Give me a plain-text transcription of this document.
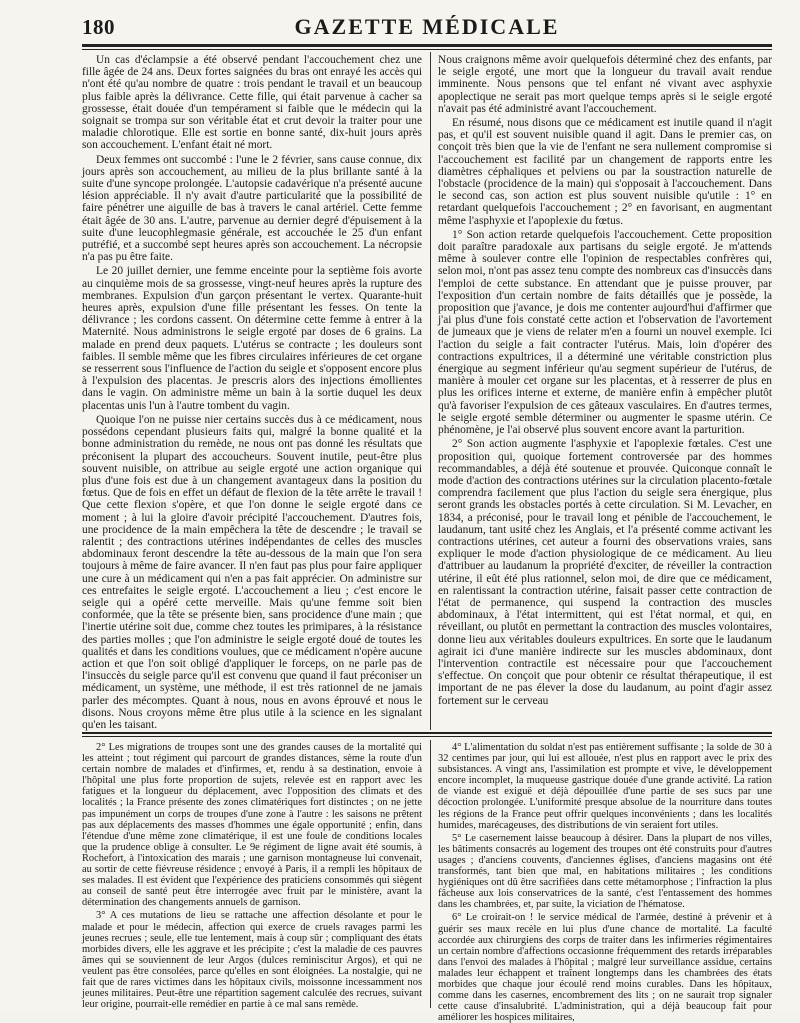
180	GAZETTE MÉDICALE

Un cas d'éclampsie a été observé pendant l'accouchement chez une fille âgée de 24 ans. Deux fortes saignées du bras ont enrayé les accès qui n'ont été qu'au nombre de quatre : trois pendant le travail et un beaucoup plus faible après la délivrance. Cette fille, qui était parvenue à cacher sa grossesse, était douée d'un tempérament si faible que le médecin qui la soignait se trompa sur son véritable état et crut devoir la traiter pour une maladie chlorotique. Elle est sortie en bonne santé, dix-huit jours après son accouchement. L'enfant était né mort.

Deux femmes ont succombé : l'une le 2 février, sans cause connue, dix jours après son accouchement, au milieu de la plus brillante santé à la suite d'une syncope prolongée. L'autopsie cadavérique n'a présenté aucune lésion appréciable. Il n'y avait d'autre particularité que la possibilité de faire pénétrer une aiguille de bas à travers le canal artériel. Cette femme était âgée de 30 ans. L'autre, parvenue au dernier degré d'épuisement à la suite d'une leucophlegmasie générale, est accouchée le 25 d'un enfant putréfié, et a succombé sept heures après son accouchement. La nécropsie n'a pas pu être faite.

Le 20 juillet dernier, une femme enceinte pour la septième fois avorte au cinquième mois de sa grossesse, vingt-neuf heures après la rupture des membranes. Expulsion d'un garçon présentant le vertex. Quarante-huit heures après, expulsion d'une fille présentant les fesses. On tente la délivrance ; les cordons cassent. On détermine cette femme à entrer à la Maternité. Nous administrons le seigle ergoté par doses de 6 grains. La malade en prend deux paquets. L'utérus se contracte ; les douleurs sont faibles. Il semble même que les fibres circulaires inférieures de cet organe se resserrent sous l'influence de l'action du seigle et s'opposent encore plus à l'expulsion des placentas. Je prescris alors des injections émollientes dans le vagin. On administre même un bain à la sortie duquel les deux placentas unis l'un à l'autre tombent du vagin.

Quoique l'on ne puisse nier certains succès dus à ce médicament, nous possédons cependant plusieurs faits qui, malgré la bonne qualité et la bonne administration du remède, ne nous ont pas donné les résultats que préconisent la plupart des accoucheurs. Souvent inutile, peut-être plus souvent nuisible, on attribue au seigle ergoté une action organique qui plus d'une fois est due à un changement avantageux dans la position du fœtus. Que de fois en effet un défaut de flexion de la tête arrête le travail ! Que cette flexion s'opère, et que l'on donne le seigle ergoté dans ce moment ; à lui la gloire d'avoir précipité l'accouchement. D'autres fois, une procidence de la main empêchera la tête de descendre ; le travail se ralentit ; des contractions utérines indépendantes de celles des muscles abdominaux feront descendre la tête au-dessous de la main que l'on sera toujours à même de faire avancer. Il n'en faut pas plus pour faire appliquer une cure à un médicament qui n'en a pas fait apprécier. On administre sur ces entrefaites le seigle ergoté. L'accouchement a lieu ; c'est encore le seigle qui a opéré cette merveille. Mais qu'une femme soit bien conformée, que la tête se présente bien, sans procidence d'une main ; que l'inertie utérine soit due, comme chez toutes les primipares, à la résistance des parties molles ; que l'on administre le seigle ergoté doué de toutes les qualités et dans les conditions voulues, que ce médicament n'opère aucune action et que l'on soit obligé d'appliquer le forceps, on ne parle pas de l'insuccès du seigle parce qu'il est convenu que quand il faut préconiser un médicament, un système, une méthode, il est très rationnel de ne jamais parler des mécomptes. Quant à nous, nous en avons éprouvé et nous le disons. Nous croyons même être plus utile à la science en les signalant qu'en les taisant.

Nous craignons même avoir quelquefois déterminé chez des enfants, par le seigle ergoté, une mort que la longueur du travail avait rendue imminente. Nous pensons que tel enfant né vivant avec asphyxie apoplectique ne serait pas mort quelque temps après si le seigle ergoté n'avait pas été administré avant l'accouchement.

En résumé, nous disons que ce médicament est inutile quand il n'agit pas, et qu'il est souvent nuisible quand il agit. Dans le premier cas, on conçoit très bien que la vie de l'enfant ne sera nullement compromise si l'accouchement est facilité par un changement de rapports entre les diamètres céphaliques et pelviens ou par la soustraction naturelle de l'obstacle (procidence de la main) qui s'opposait à l'accouchement. Dans le second cas, son action est plus souvent nuisible qu'utile : 1° en retardant quelquefois l'accouchement ; 2° en favorisant, en augmentant même l'asphyxie et l'apoplexie du fœtus.

1° Son action retarde quelquefois l'accouchement. Cette proposition doit paraître paradoxale aux partisans du seigle ergoté. Je m'attends même à soulever contre elle l'opinion de respectables confrères qui, selon moi, n'ont pas assez tenu compte des nombreux cas d'insuccès dans l'emploi de cette substance. En attendant que je puisse prouver, par l'exposition d'un certain nombre de faits détaillés que je possède, la proposition que j'avance, je dois me contenter aujourd'hui d'affirmer que j'ai plus d'une fois constaté cette action et l'observation de l'avortement de jumeaux que je viens de relater m'en a fourni un nouvel exemple. Ici l'action du seigle a fait contracter l'utérus. Mais, loin d'opérer des contractions expultrices, il a déterminé une véritable constriction plus énergique au segment inférieur qu'au segment supérieur de l'utérus, de manière à mouler cet organe sur les placentas, et à resserrer de plus en plus les orifices interne et externe, de manière enfin à empêcher plutôt qu'à favoriser l'expulsion de ces gâteaux vasculaires. En d'autres termes, le seigle ergoté semble déterminer ou augmenter le spasme utérin. Ce phénomène, je l'ai observé plus souvent encore avant la parturition.

2° Son action augmente l'asphyxie et l'apoplexie fœtales. C'est une proposition qui, quoique fortement controversée par des hommes recommandables, a déjà été soutenue et prouvée. Quiconque connaît le mode d'action des contractions utérines sur la circulation placento-fœtale comprendra facilement que plus l'action du seigle sera énergique, plus seront grands les obstacles portés à cette circulation. Si M. Levacher, en 1834, a préconisé, pour le travail long et pénible de l'accouchement, le laudanum, tant usité chez les Anglais, et l'a présenté comme activant les contractions utérines, cet auteur a fourni des observations vraies, sans expliquer le mode d'action physiologique de ce médicament. Au lieu d'attribuer au laudanum la propriété d'exciter, de réveiller la contraction utérine, il eût été plus rationnel, selon moi, de dire que ce médicament, en ralentissant la contraction utérine, faisait passer cette contraction de l'état de permanence, qui suspend la contraction des muscles abdominaux, à l'état intermittent, qui est l'état normal, et qui, en réveillant, ou plutôt en permettant la contraction des muscles volontaires, donne lieu aux véritables douleurs expultrices. En sorte que le laudanum agirait ici d'une manière indirecte sur les muscles abdominaux, dont l'intervention contractile est nécessaire pour que l'accouchement s'effectue. On conçoit que pour obtenir ce résultat thérapeutique, il est important de ne pas élever la dose du laudanum, au point d'agir assez fortement sur le cerveau

2° Les migrations de troupes sont une des grandes causes de la mortalité qui les atteint ; tout régiment qui parcourt de grandes distances, sème la route d'un certain nombre de malades et d'infirmes, et, rendu à sa destination, envoie à l'hôpital une plus forte proportion de sujets, relevée est en rapport avec les fatigues et la longueur du déplacement, avec l'opposition des climats et des localités ; la France présente des zones climatériques fort distinctes ; on ne jette pas impunément un corps de troupes d'une zone à l'autre : les saisons ne prêtent pas aux déplacements des masses d'hommes une égale opportunité ; enfin, dans l'étendue d'une même zone climatérique, il est une foule de conditions locales que la prudence oblige à consulter. Le 9e régiment de ligne avait été soumis, à Rochefort, à l'intoxication des marais ; une garnison montagneuse lui convenait, au sortir de cette fiévreuse résidence ; envoyé à Paris, il a rempli les hôpitaux de ses malades. Il est évident que l'expérience des praticiens consommés qui siègent au conseil de santé peut être interrogée avec fruit par le ministère, avant la détermination des changements annuels de garnison.

3° A ces mutations de lieu se rattache une affection désolante et pour le malade et pour le médecin, affection qui exerce de cruels ravages parmi les jeunes recrues ; seule, elle tue lentement, mais à coup sûr ; compliquant des états morbides divers, elle les aggrave et les précipite ; c'est la maladie de ces pauvres âmes qui se souviennent de leur Argos (dulces reminiscitur Argos), et qui ne veulent pas être consolées, parce qu'elles en sont éloignées. La nostalgie, qui ne fait que de rares victimes dans les hôpitaux civils, moissonne incessamment nos jeunes militaires. Peut-être une répartition sagement calculée des recrues, suivant leur origine, pourrait-elle remédier en partie à ce mal sans remède.

4° L'alimentation du soldat n'est pas entièrement suffisante ; la solde de 30 à 32 centimes par jour, qui lui est allouée, n'est plus en rapport avec le prix des subsistances. A vingt ans, l'assimilation est prompte et vive, le développement encore incomplet, la muqueuse gastrique douée d'une grande activité. La ration de viande est exiguë et déjà dépouillée d'une partie de ses sucs par une décoction prolongée. L'uniformité presque absolue de la nourriture dans toutes les régions de la France peut offrir quelques inconvénients ; dans les localités humides, marécageuses, des distributions de vin seraient fort utiles.

5° Le casernement laisse beaucoup à désirer. Dans la plupart de nos villes, les bâtiments consacrés au logement des troupes ont été construits pour d'autres usages ; d'anciens couvents, d'anciennes églises, d'anciens magasins ont été transformés, tant bien que mal, en habitations militaires ; les conditions hygiéniques ont dû être sacrifiées dans cette métamorphose ; l'infraction la plus fâcheuse aux lois conservatrices de la santé, c'est l'entassement des hommes dans les chambrées, et, par suite, la viciation de l'hématose.

6° Le croirait-on ! le service médical de l'armée, destiné à prévenir et à guérir ses maux recèle en lui plus d'une chance de mortalité. La faculté accordée aux chirurgiens des corps de traiter dans les infirmeries régimentaires un certain nombre d'affections occasionne fréquemment des retards irréparables dans l'envoi des malades à l'hôpital ; malgré leur surveillance assidue, certains malades leur échappent et traînent longtemps dans les chambrées des états morbides que chaque jour écoulé rend moins curables. Dans les hôpitaux, comme dans les casernes, encombrement des lits ; on ne saurait trop signaler cette cause d'insalubrité. L'administration, qui a déjà beaucoup fait pour améliorer les hospices militaires,
